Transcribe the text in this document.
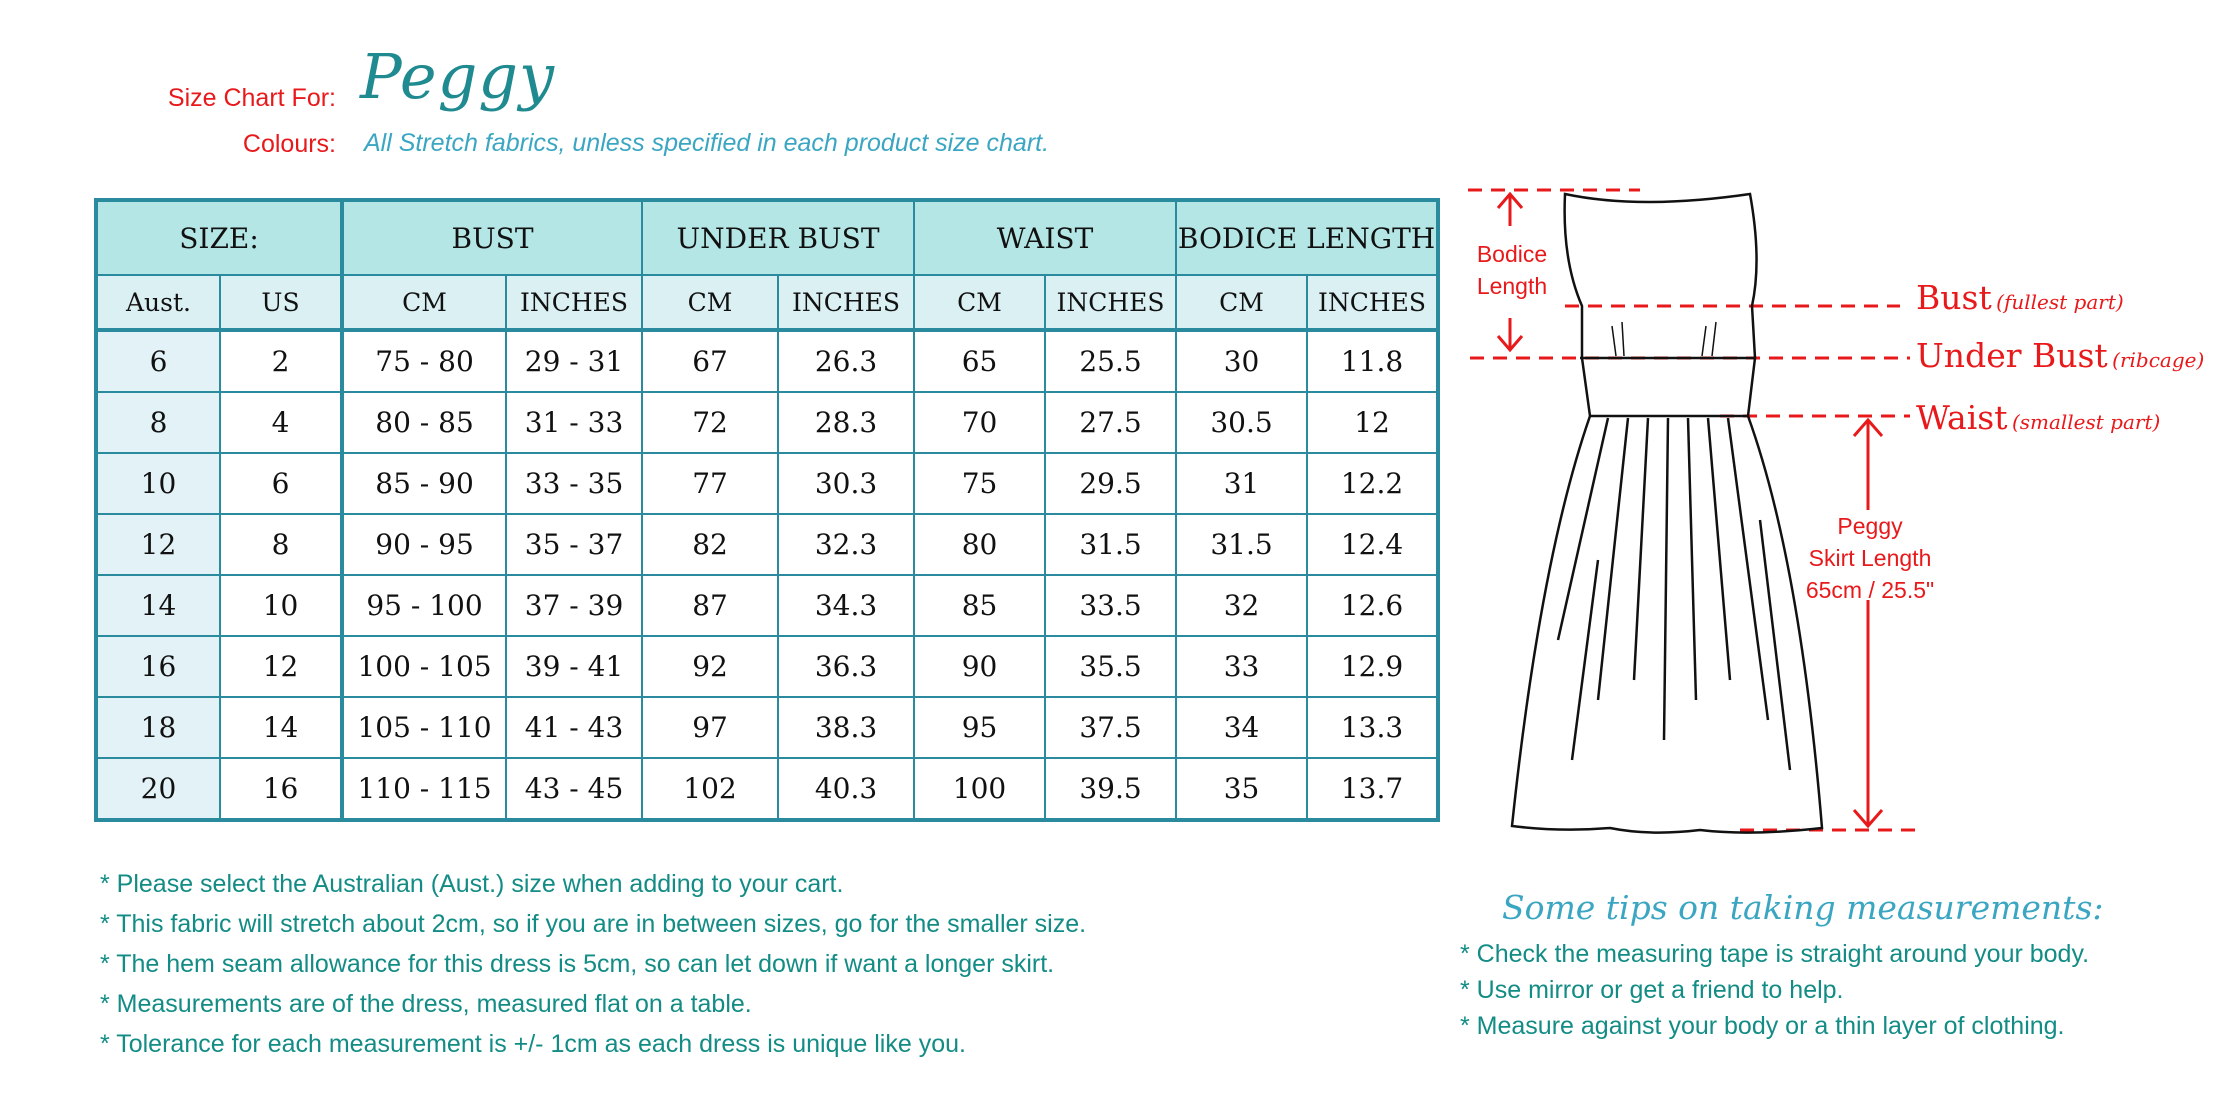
Size Chart For: Peggy
Colours: All Stretch fabrics, unless specified in each product size chart.
SIZE:		BUST		UNDER BUST		WAIST		BODICE LENGTH	
Aust.	US	CM	INCHES	CM	INCHES	CM	INCHES	CM	INCHES
6	2	75 - 80	29 - 31	67	26.3	65	25.5	30	11.8
8	4	80 - 85	31 - 33	72	28.3	70	27.5	30.5	12
10	6	85 - 90	33 - 35	77	30.3	75	29.5	31	12.2
12	8	90 - 95	35 - 37	82	32.3	80	31.5	31.5	12.4
14	10	95 - 100	37 - 39	87	34.3	85	33.5	32	12.6
16	12	100 - 105	39 - 41	92	36.3	90	35.5	33	12.9
18	14	105 - 110	41 - 43	97	38.3	95	37.5	34	13.3
20	16	110 - 115	43 - 45	102	40.3	100	39.5	35	13.7
* Please select the Australian (Aust.) size when adding to your cart.
* This fabric will stretch about 2cm, so if you are in between sizes, go for the smaller size.
* The hem seam allowance for this dress is 5cm, so can let down if want a longer skirt.
* Measurements are of the dress, measured flat on a table.
* Tolerance for each measurement is +/- 1cm as each dress is unique like you.
Some tips on taking measurements:
* Check the measuring tape is straight around your body.
* Use mirror or get a friend to help.
* Measure against your body or a thin layer of clothing.
Bodice
Length	Bust (fullest part)
Under Bust (ribcage)
Waist (smallest part)
Peggy
Skirt Length
65cm / 25.5"
